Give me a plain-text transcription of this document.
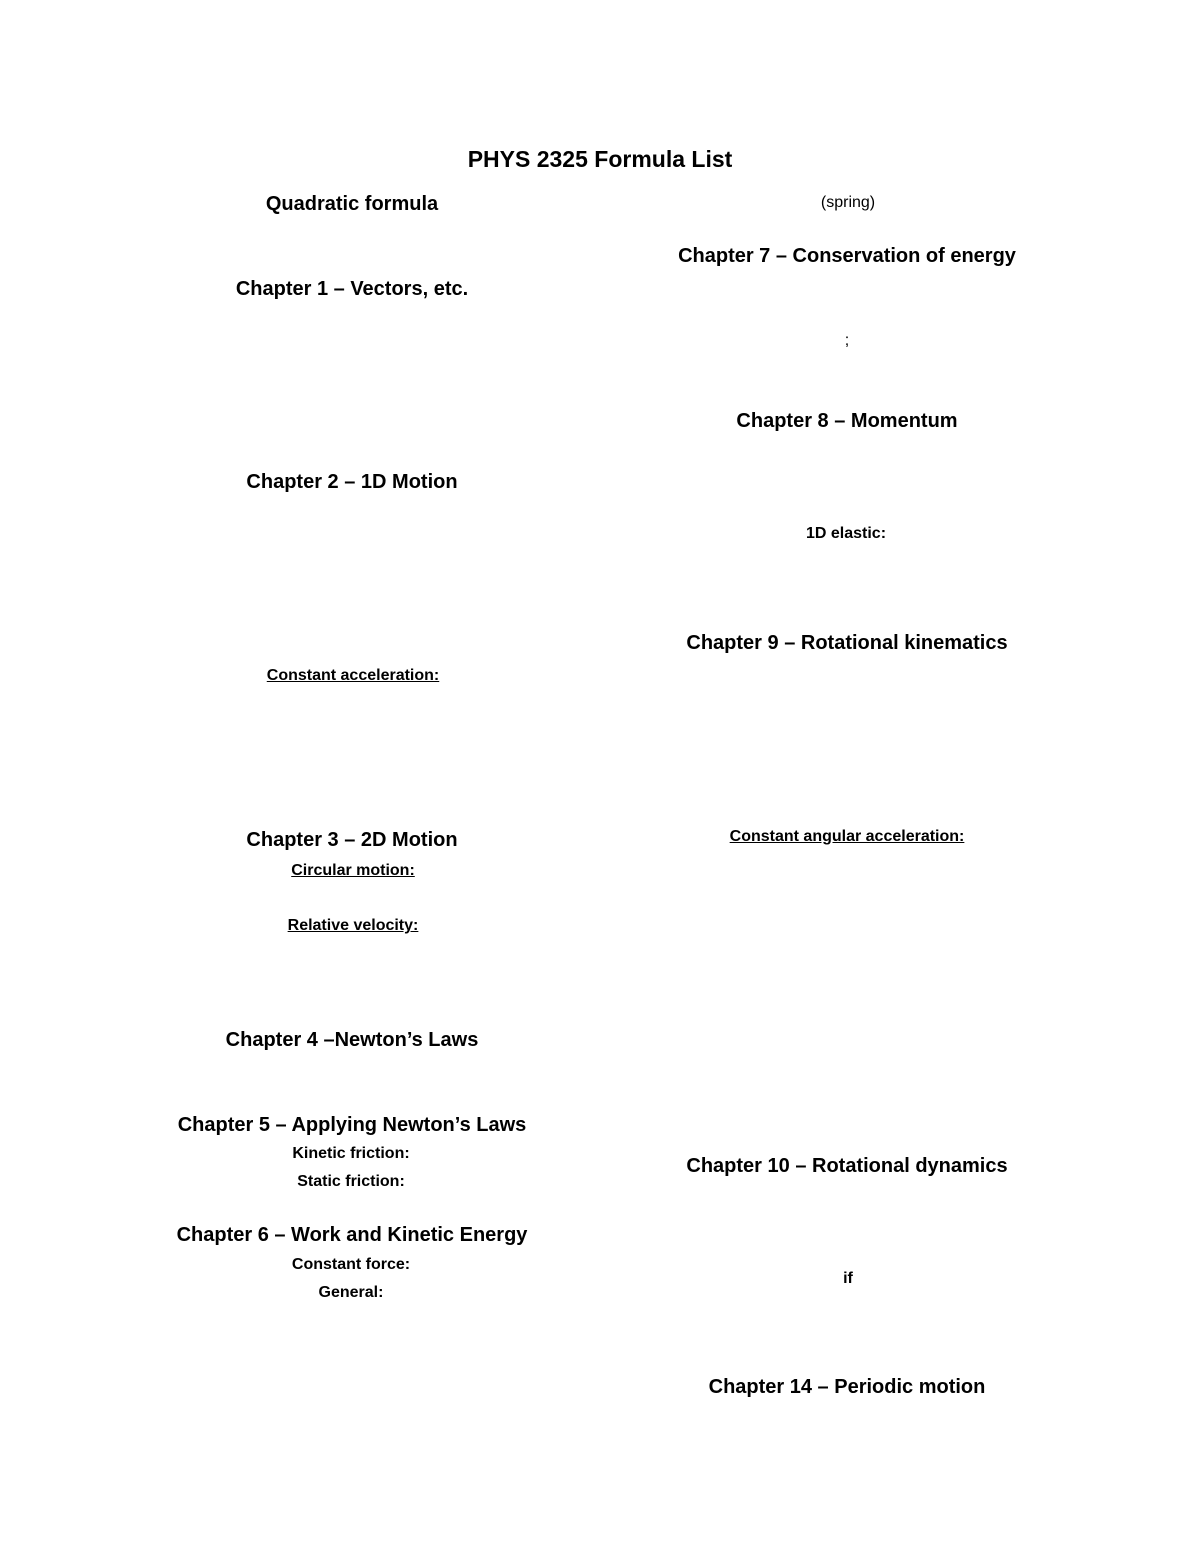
PHYS 2325 Formula List
Quadratic formula
Chapter 1 – Vectors, etc.
Chapter 2 – 1D Motion
Constant acceleration:
Chapter 3 – 2D Motion
Circular motion:
Relative velocity:
Chapter 4 –Newton’s Laws
Chapter 5 – Applying Newton’s Laws
Kinetic friction:
Static friction:
Chapter 6 – Work and Kinetic Energy
Constant force:
General:
(spring)
Chapter 7 – Conservation of energy
;
Chapter 8 – Momentum
1D elastic:
Chapter 9 – Rotational kinematics
Constant angular acceleration:
Chapter 10 – Rotational dynamics
if
Chapter 14 – Periodic motion
